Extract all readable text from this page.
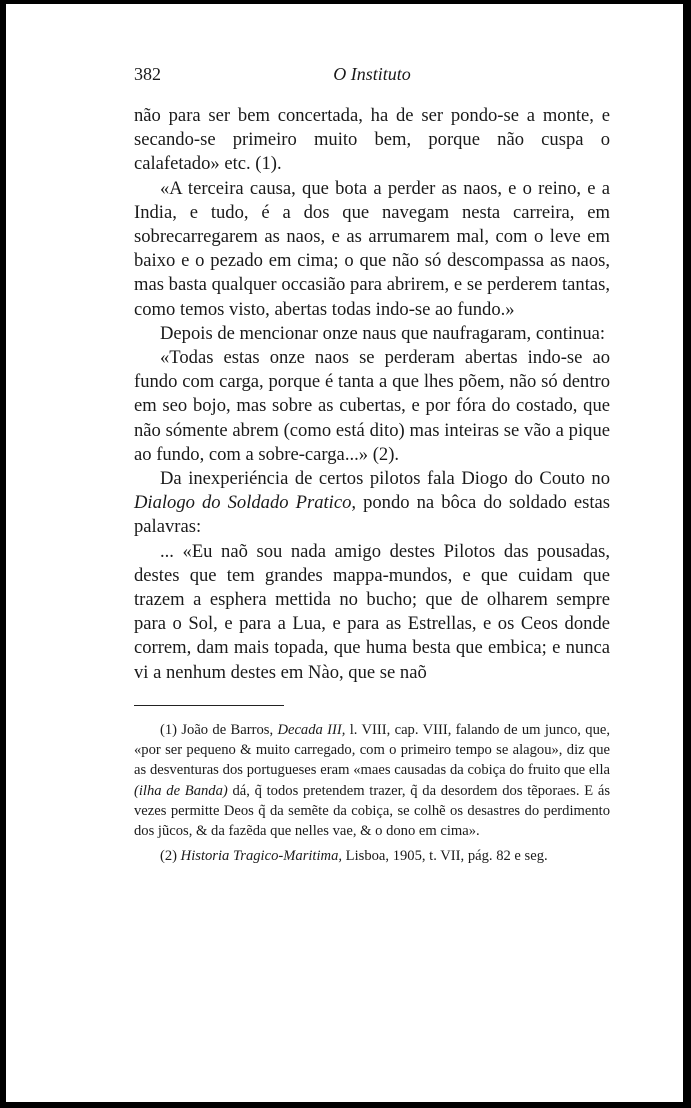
382	O Instituto

não para ser bem concertada, ha de ser pondo-se a monte, e secando-se primeiro muito bem, porque não cuspa o calafetado» etc. (1).

«A terceira causa, que bota a perder as naos, e o reino, e a India, e tudo, é a dos que navegam nesta carreira, em sobrecarregarem as naos, e as arrumarem mal, com o leve em baixo e o pezado em cima; o que não só descompassa as naos, mas basta qualquer occasião para abrirem, e se perderem tantas, como temos visto, abertas todas indo-se ao fundo.»

Depois de mencionar onze naus que naufragaram, continua:

«Todas estas onze naos se perderam abertas indo-se ao fundo com carga, porque é tanta a que lhes põem, não só dentro em seo bojo, mas sobre as cubertas, e por fóra do costado, que não sómente abrem (como está dito) mas inteiras se vão a pique ao fundo, com a sobre-carga...» (2).

Da inexperiéncia de certos pilotos fala Diogo do Couto no Dialogo do Soldado Pratico, pondo na bôca do soldado estas palavras:

... «Eu naõ sou nada amigo destes Pilotos das pousadas, destes que tem grandes mappa-mundos, e que cuidam que trazem a esphera mettida no bucho; que de olharem sempre para o Sol, e para a Lua, e para as Estrellas, e os Ceos donde correm, dam mais topada, que huma besta que embica; e nunca vi a nenhum destes em Nào, que se naõ

(1) João de Barros, Decada III, l. VIII, cap. VIII, falando de um junco, que, «por ser pequeno & muito carregado, com o primeiro tempo se alagou», diz que as desventuras dos portugueses eram «maes causadas da cobiça do fruito que ella (ilha de Banda) dá, q̃ todos pretendem trazer, q̃ da desordem dos tẽporaes. E ás vezes permitte Deos q̃ da semẽte da cobiça, se colhẽ os desastres do perdimento dos jũcos, & da fazẽda que nelles vae, & o dono em cima».

(2) Historia Tragico-Maritima, Lisboa, 1905, t. VII, pág. 82 e seg.
